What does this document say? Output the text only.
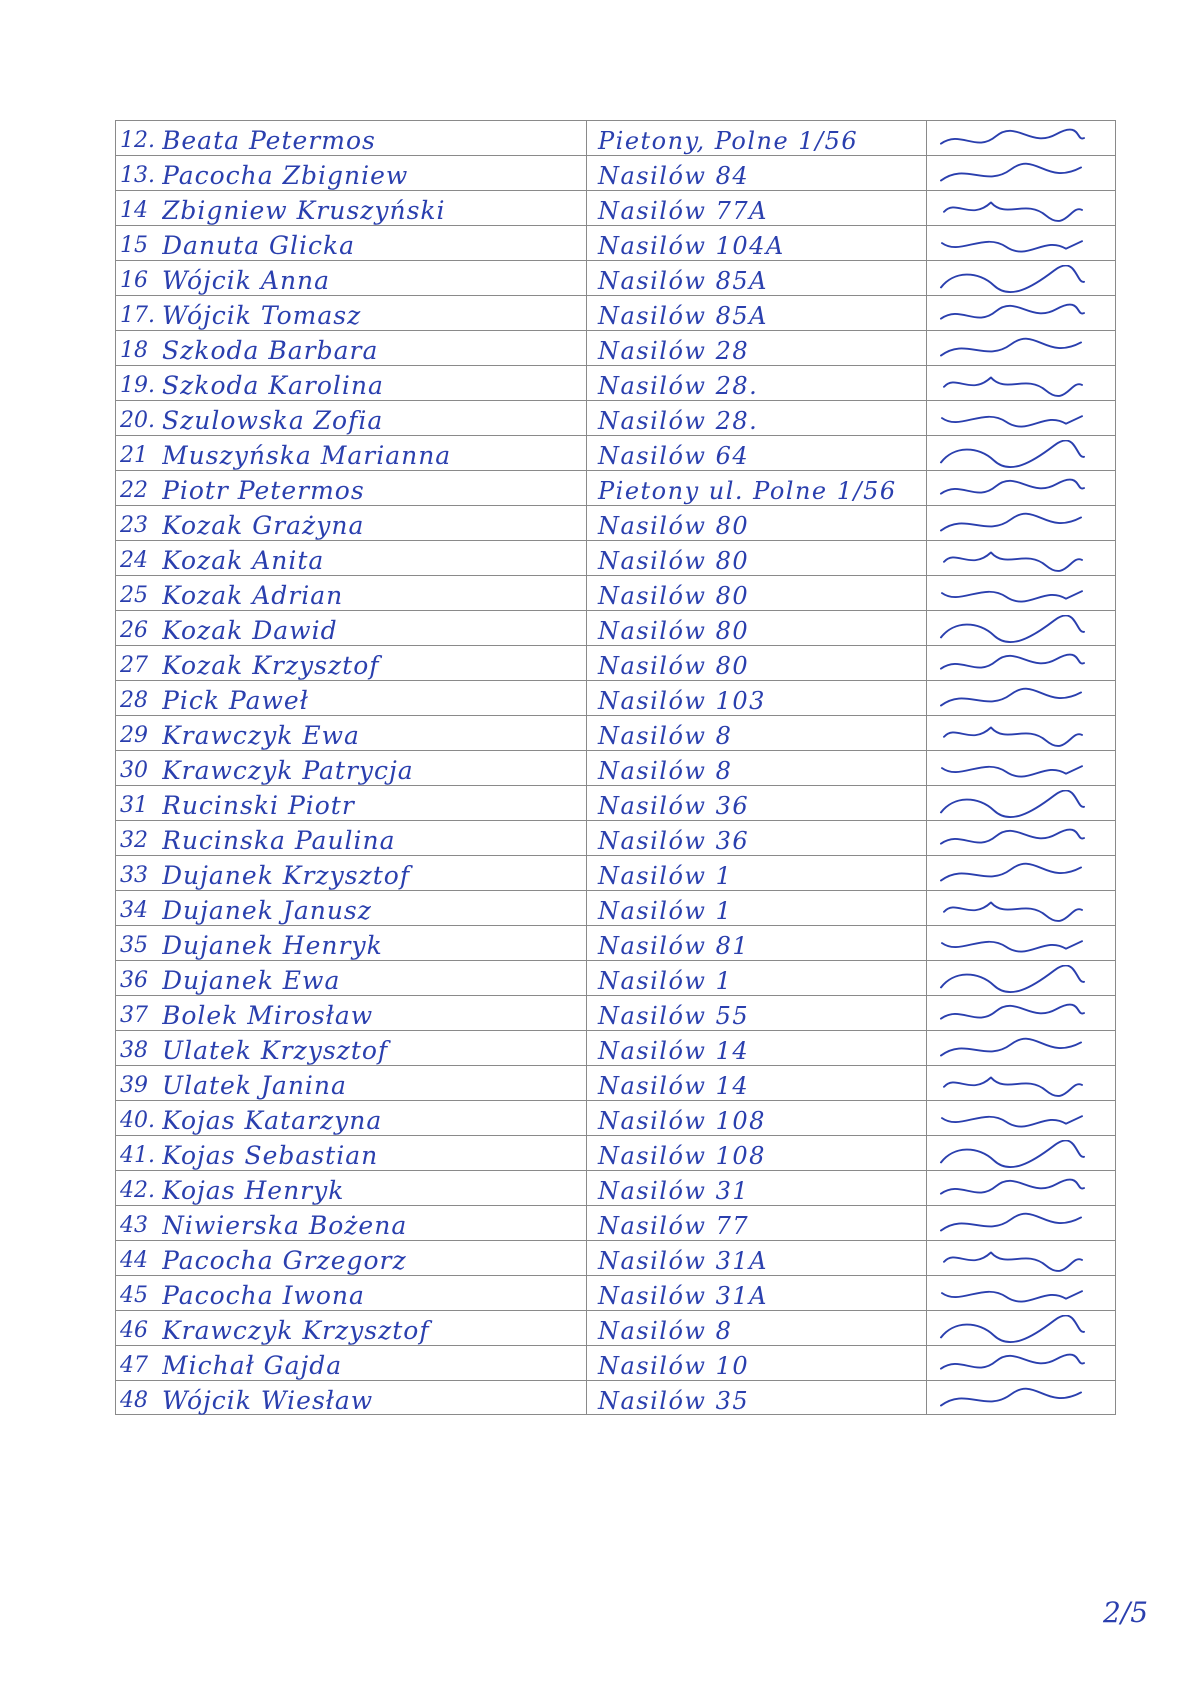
12. Beata Petermos	Pietony, Polne 1/56
13. Pacocha Zbigniew	Nasilów 84
14 Zbigniew Kruszyński	Nasilów 77A
15 Danuta Glicka	Nasilów 104A
16 Wójcik Anna	Nasilów 85A
17. Wójcik Tomasz	Nasilów 85A
18 Szkoda Barbara	Nasilów 28
19. Szkoda Karolina	Nasilów 28.
20. Szulowska Zofia	Nasilów 28.
21 Muszyńska Marianna	Nasilów 64
22 Piotr Petermos	Pietony ul. Polne 1/56
23 Kozak Grażyna	Nasilów 80
24 Kozak Anita	Nasilów 80
25 Kozak Adrian	Nasilów 80
26 Kozak Dawid	Nasilów 80
27 Kozak Krzysztof	Nasilów 80
28 Pick Paweł	Nasilów 103
29 Krawczyk Ewa	Nasilów 8
30 Krawczyk Patrycja	Nasilów 8
31 Rucinski Piotr	Nasilów 36
32 Rucinska Paulina	Nasilów 36
33 Dujanek Krzysztof	Nasilów 1
34 Dujanek Janusz	Nasilów 1
35 Dujanek Henryk	Nasilów 81
36 Dujanek Ewa	Nasilów 1
37 Bolek Mirosław	Nasilów 55
38 Ulatek Krzysztof	Nasilów 14
39 Ulatek Janina	Nasilów 14
40. Kojas Katarzyna	Nasilów 108
41. Kojas Sebastian	Nasilów 108
42. Kojas Henryk	Nasilów 31
43 Niwierska Bożena	Nasilów 77
44 Pacocha Grzegorz	Nasilów 31A
45 Pacocha Iwona	Nasilów 31A
46 Krawczyk Krzysztof	Nasilów 8
47 Michał Gajda	Nasilów 10
48 Wójcik Wiesław	Nasilów 35
2/5
